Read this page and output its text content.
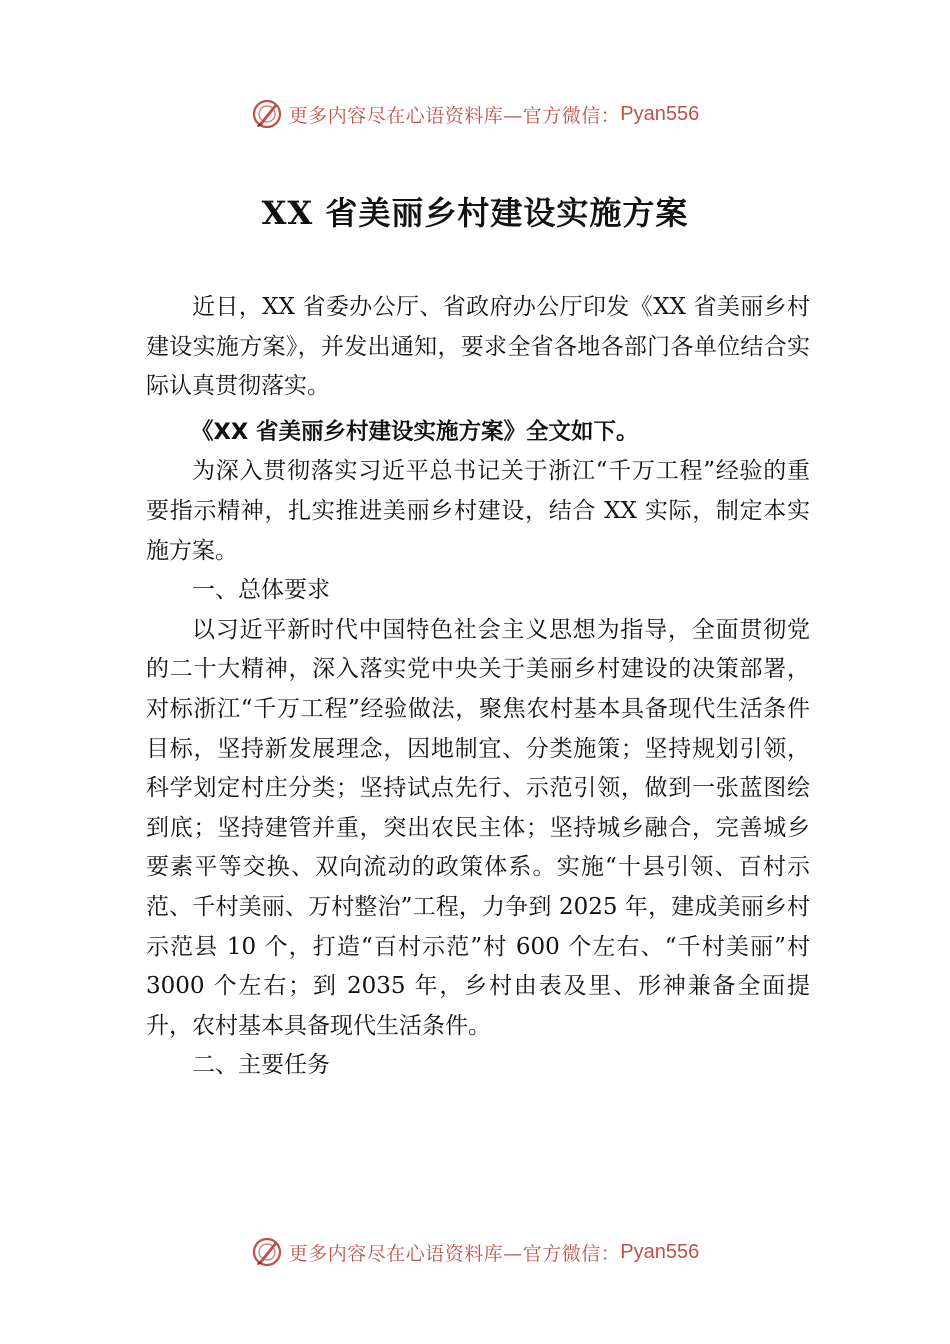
更多内容尽在心语资料库—官方微信： Pyan556
XX 省美丽乡村建设实施方案

近日，XX 省委办公厅、省政府办公厅印发《XX 省美丽乡村建设实施方案》，并发出通知，要求全省各地各部门各单位结合实际认真贯彻落实。

《XX 省美丽乡村建设实施方案》全文如下。

为深入贯彻落实习近平总书记关于浙江“千万工程”经验的重要指示精神，扎实推进美丽乡村建设，结合 XX 实际，制定本实施方案。

一、总体要求

以习近平新时代中国特色社会主义思想为指导，全面贯彻党的二十大精神，深入落实党中央关于美丽乡村建设的决策部署，对标浙江“千万工程”经验做法，聚焦农村基本具备现代生活条件目标，坚持新发展理念，因地制宜、分类施策；坚持规划引领，科学划定村庄分类；坚持试点先行、示范引领，做到一张蓝图绘到底；坚持建管并重，突出农民主体；坚持城乡融合，完善城乡要素平等交换、双向流动的政策体系。实施“十县引领、百村示范、千村美丽、万村整治”工程，力争到 2025 年，建成美丽乡村示范县 10 个，打造“百村示范”村 600 个左右、“千村美丽”村 3000 个左右；到 2035 年，乡村由表及里、形神兼备全面提升，农村基本具备现代生活条件。

二、主要任务

更多内容尽在心语资料库—官方微信： Pyan556
